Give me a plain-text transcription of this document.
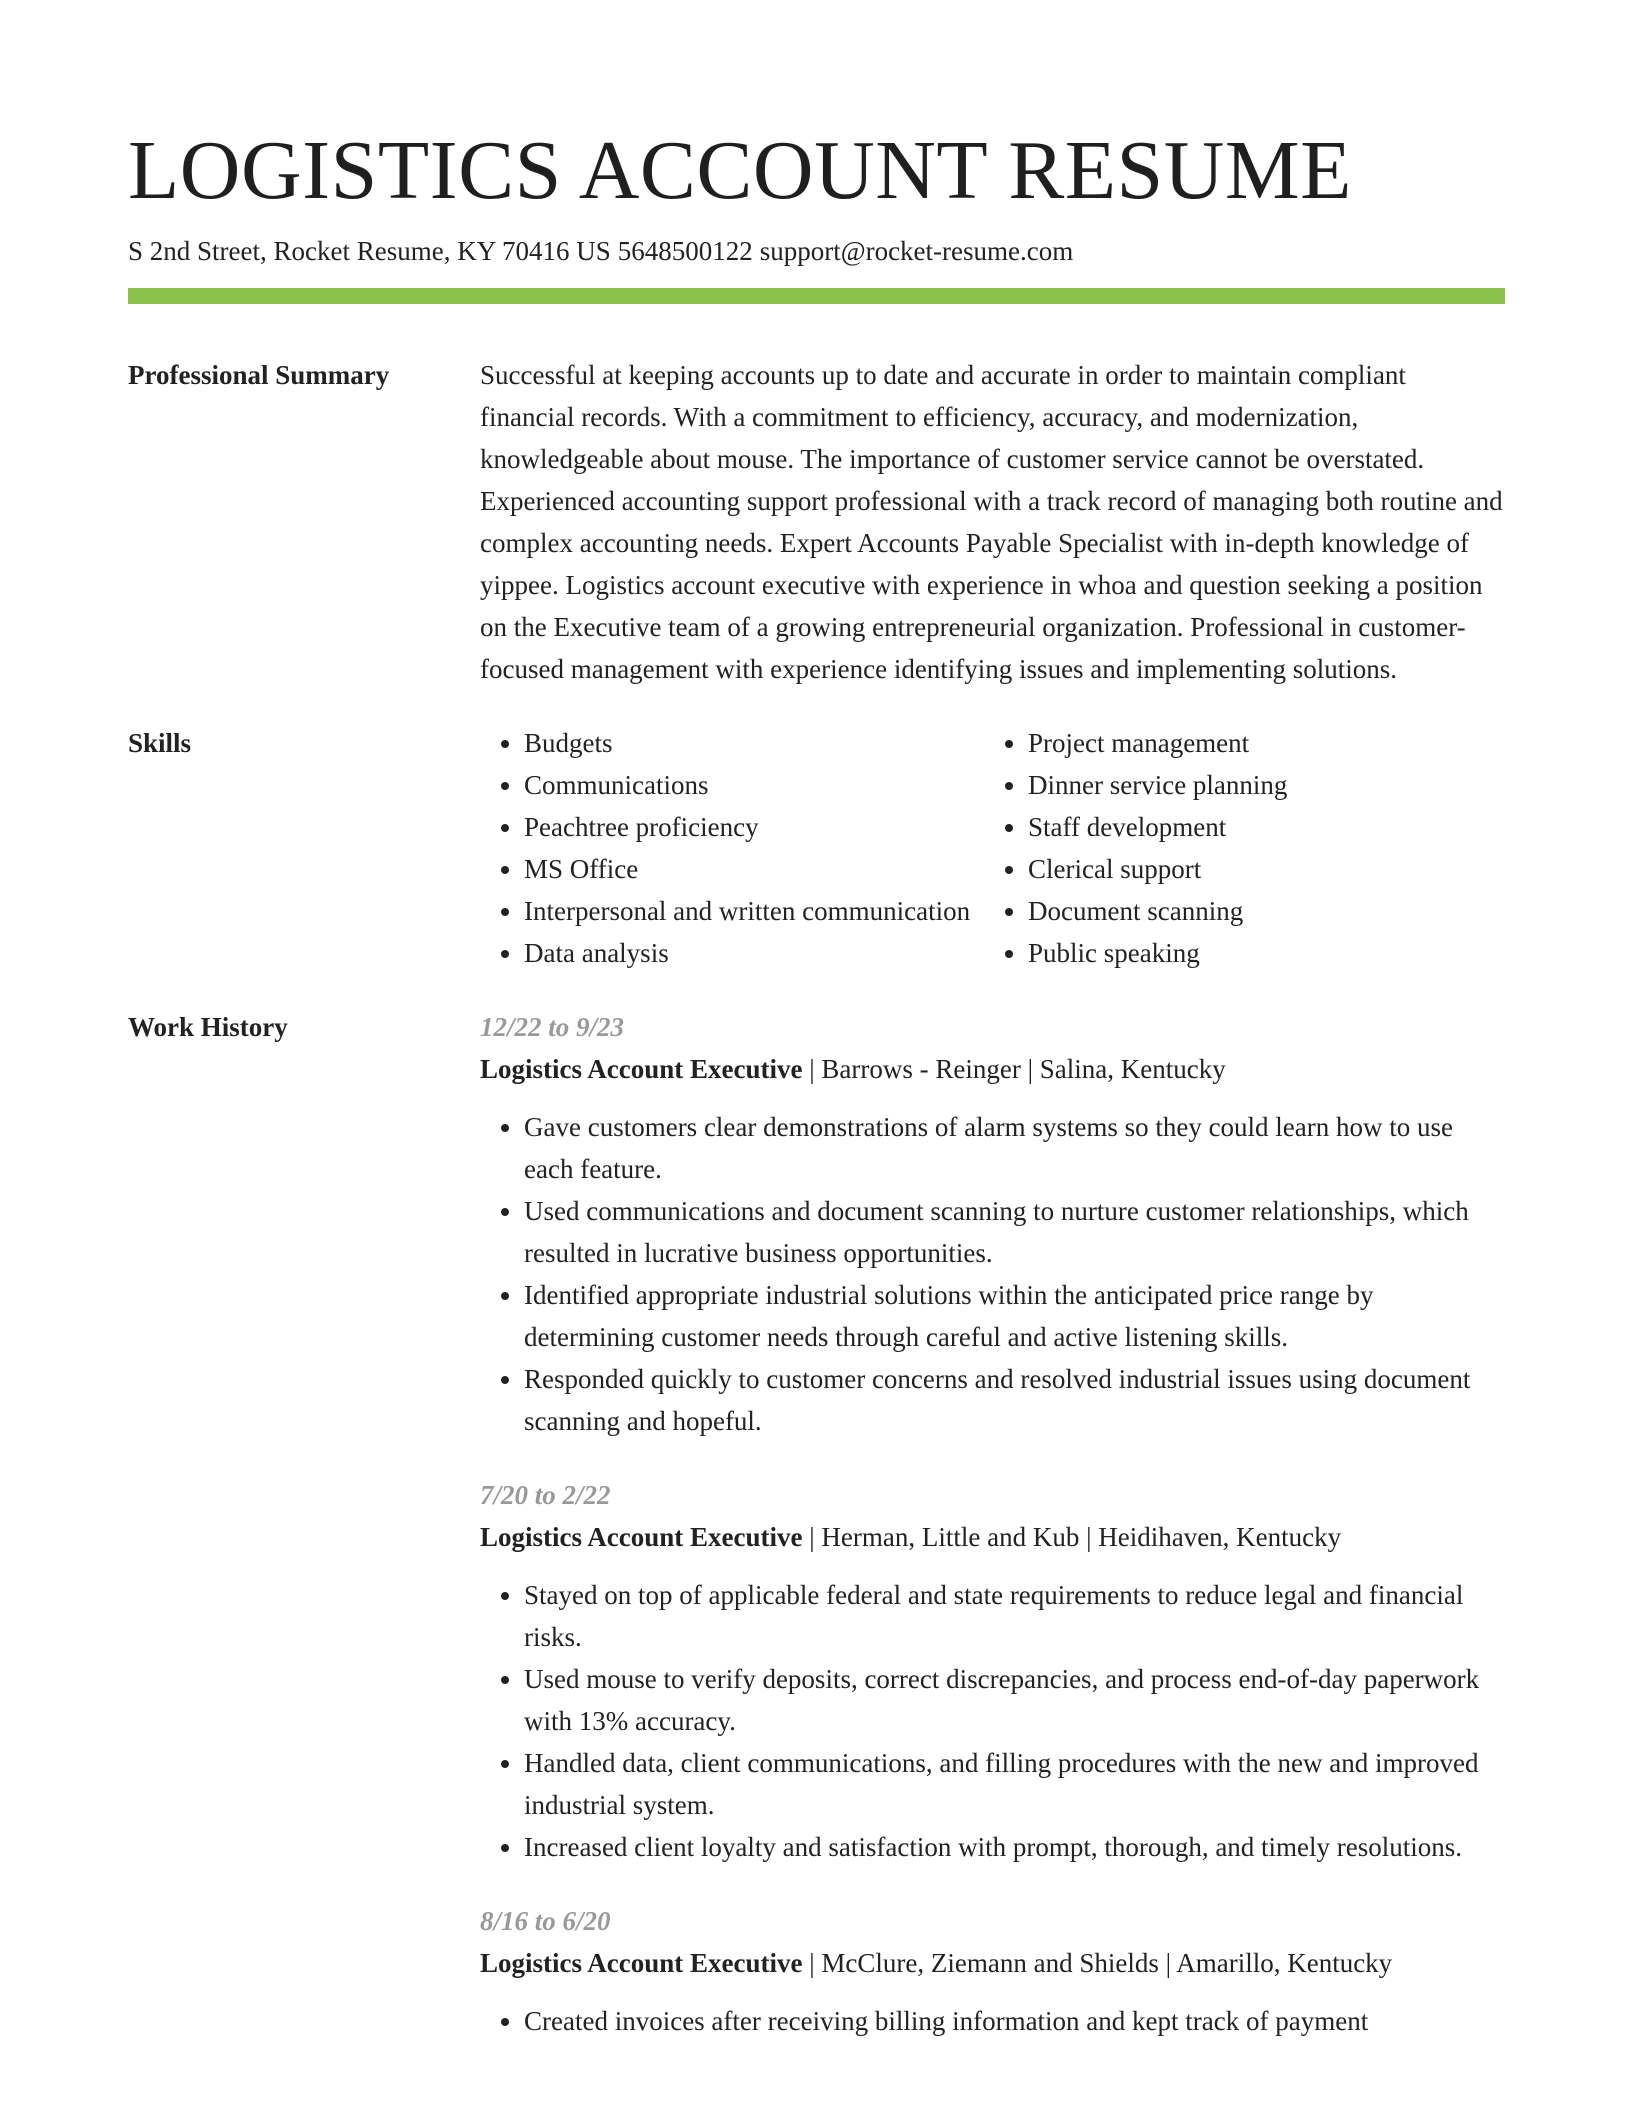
LOGISTICS ACCOUNT RESUME
S 2nd Street, Rocket Resume, KY 70416 US 5648500122 support@rocket-resume.com
Professional Summary	Successful at keeping accounts up to date and accurate in order to maintain compliant financial records. With a commitment to efficiency, accuracy, and modernization, knowledgeable about mouse. The importance of customer service cannot be overstated. Experienced accounting support professional with a track record of managing both routine and complex accounting needs. Expert Accounts Payable Specialist with in-depth knowledge of yippee. Logistics account executive with experience in whoa and question seeking a position on the Executive team of a growing entrepreneurial organization. Professional in customer-focused management with experience identifying issues and implementing solutions.

Skills
•	Budgets
• Communications
• Peachtree proficiency
• MS Office
• Interpersonal and written communication
• Data analysis
• Project management
• Dinner service planning
• Staff development
• Clerical support
• Document scanning
• Public speaking
Work History	12/22 to 9/23
Logistics Account Executive | Barrows - Reinger | Salina, Kentucky
• Gave customers clear demonstrations of alarm systems so they could learn how to use each feature.
• Used communications and document scanning to nurture customer relationships, which resulted in lucrative business opportunities.
• Identified appropriate industrial solutions within the anticipated price range by determining customer needs through careful and active listening skills.
• Responded quickly to customer concerns and resolved industrial issues using document scanning and hopeful.
7/20 to 2/22
Logistics Account Executive | Herman, Little and Kub | Heidihaven, Kentucky
• Stayed on top of applicable federal and state requirements to reduce legal and financial risks.
• Used mouse to verify deposits, correct discrepancies, and process end-of-day paperwork with 13% accuracy.
• Handled data, client communications, and filling procedures with the new and improved industrial system.
• Increased client loyalty and satisfaction with prompt, thorough, and timely resolutions.
8/16 to 6/20
Logistics Account Executive | McClure, Ziemann and Shields | Amarillo, Kentucky
• Created invoices after receiving billing information and kept track of payment
